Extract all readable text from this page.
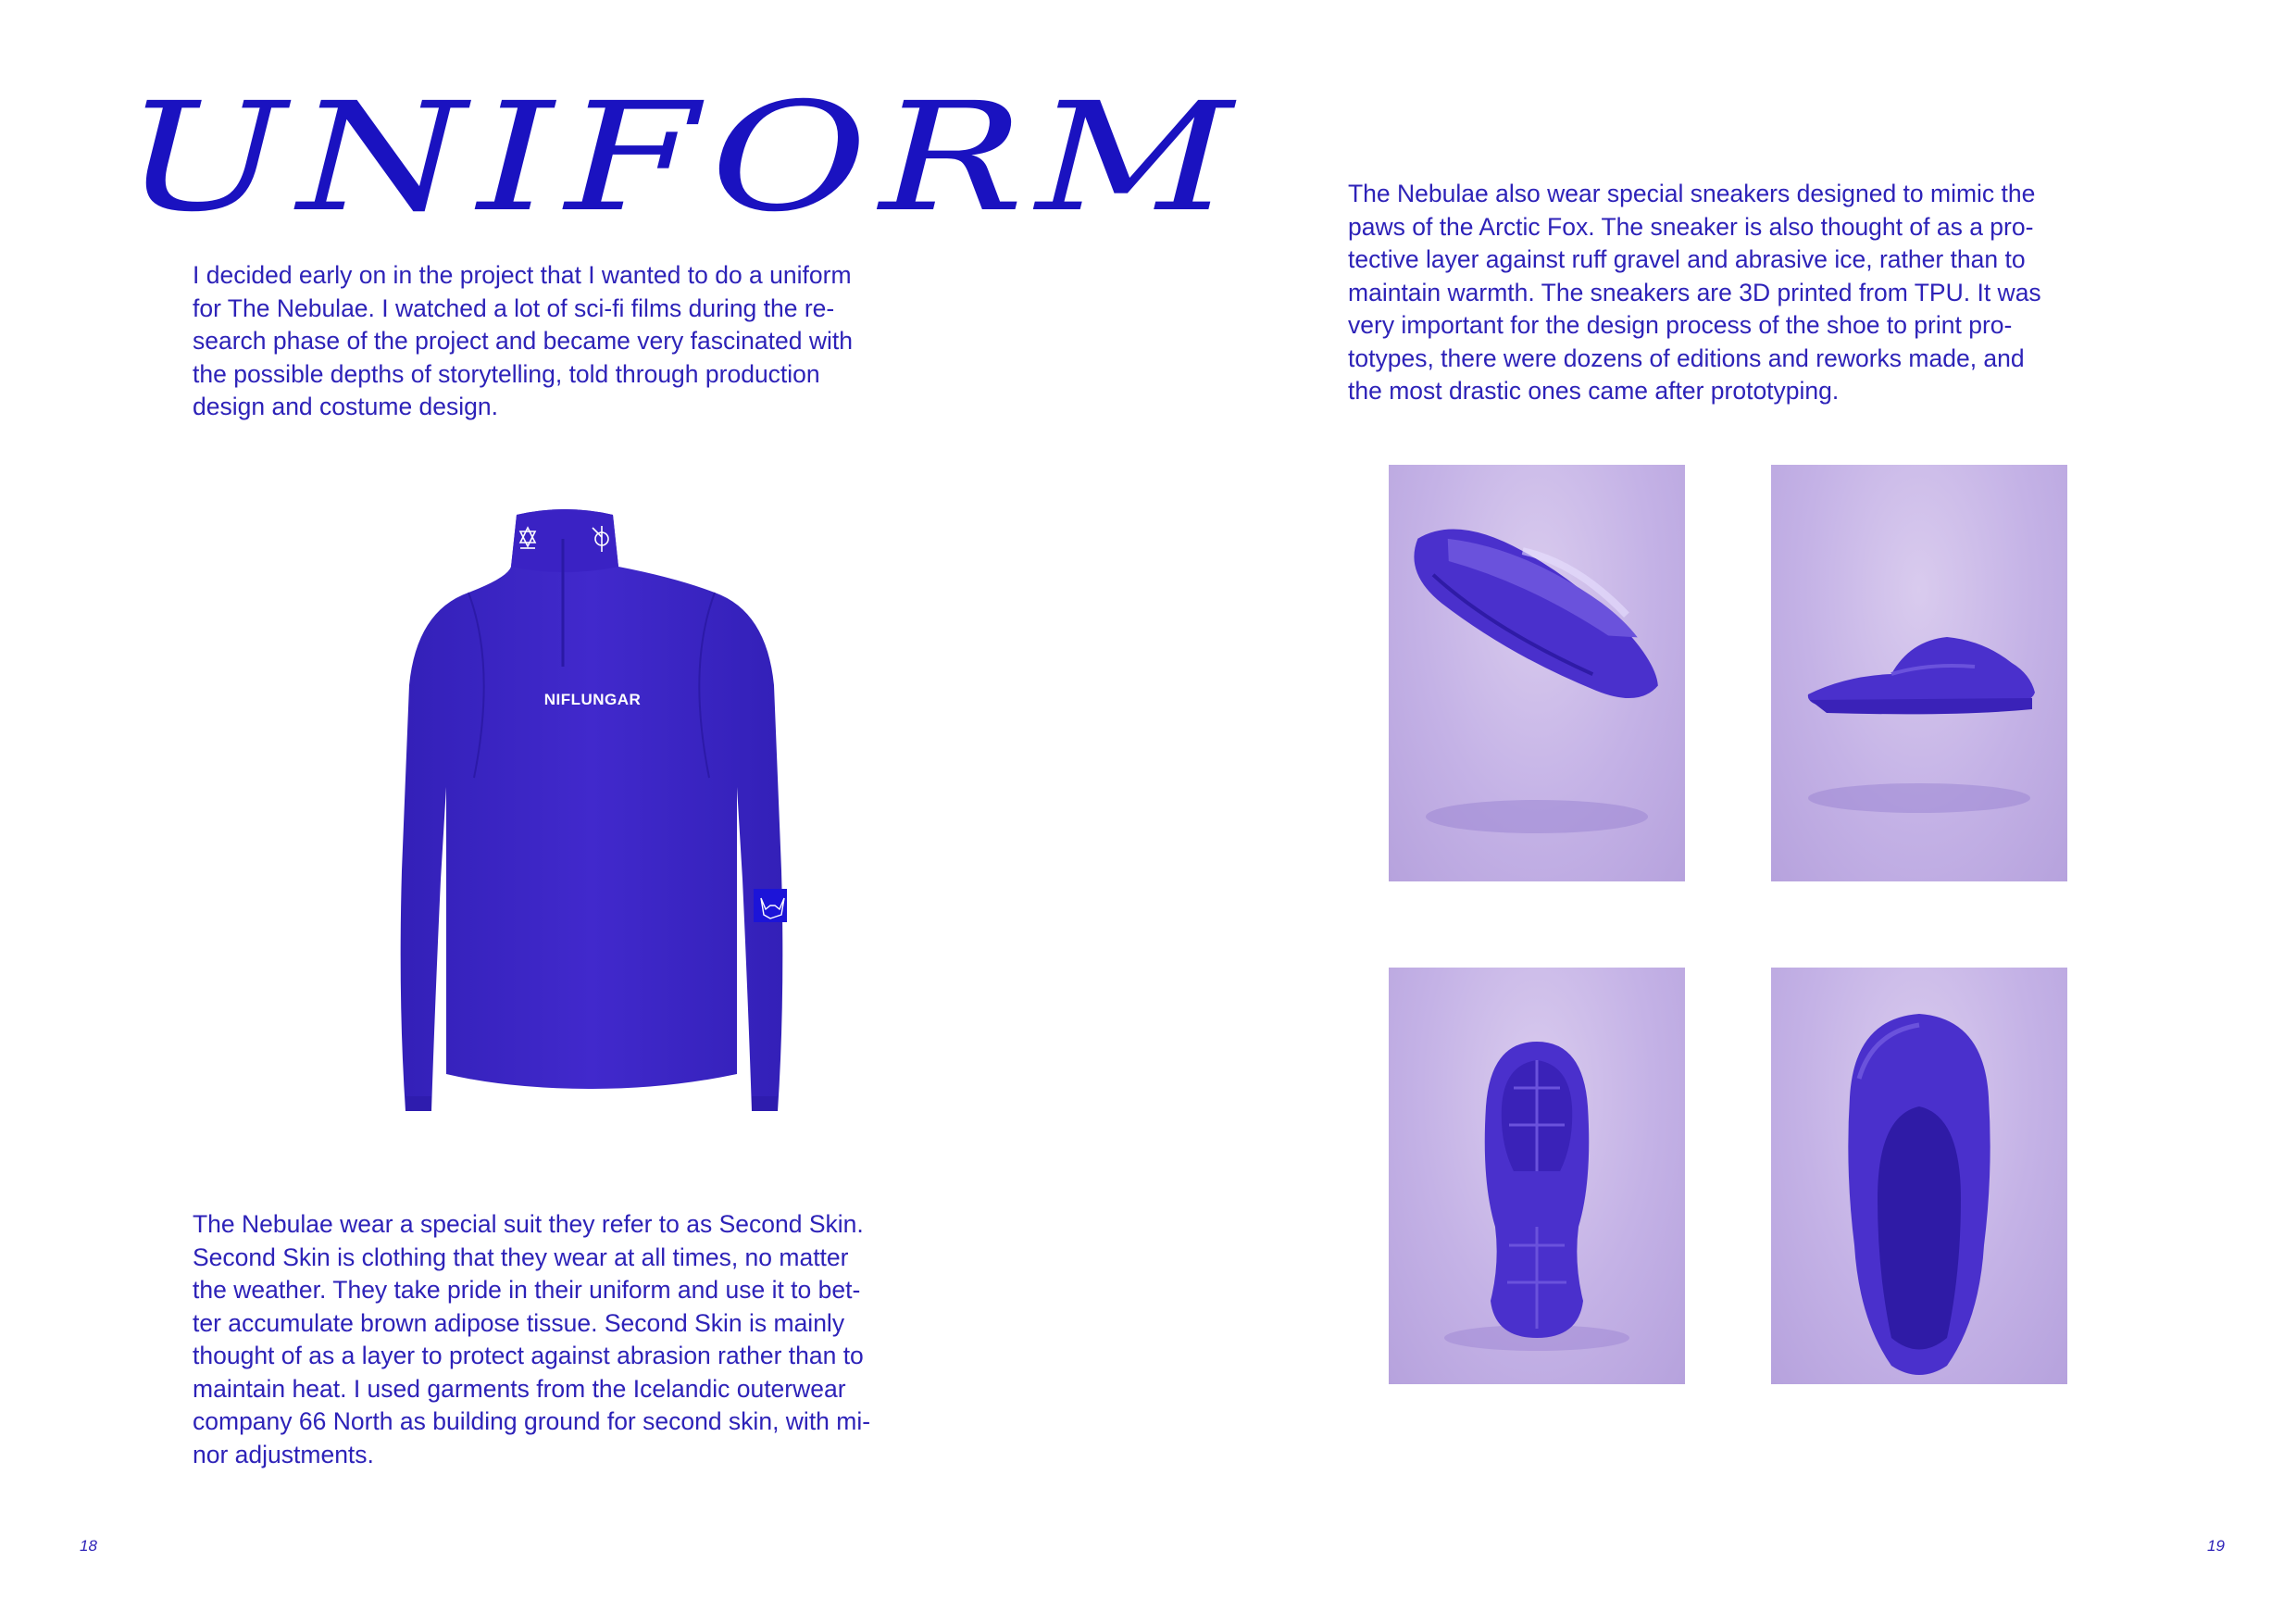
UNIFORM

I decided early on in the project that I wanted to do a uniform
for The Nebulae. I watched a lot of sci-fi films during the re-
search phase of the project and became very fascinated with
the possible depths of storytelling, told through production
design and costume design.

NIFLUNGAR

The Nebulae wear a special suit they refer to as Second Skin.
Second Skin is clothing that they wear at all times, no matter
the weather. They take pride in their uniform and use it to bet-
ter accumulate brown adipose tissue. Second Skin is mainly
thought of as a layer to protect against abrasion rather than to
maintain heat. I used garments from the Icelandic outerwear
company 66 North as building ground for second skin, with mi-
nor adjustments.

The Nebulae also wear special sneakers designed to mimic the
paws of the Arctic Fox. The sneaker is also thought of as a pro-
tective layer against ruff gravel and abrasive ice, rather than to
maintain warmth. The sneakers are 3D printed from TPU. It was
very important for the design process of the shoe to print pro-
totypes, there were dozens of editions and reworks made, and
the most drastic ones came after prototyping.

18	19
